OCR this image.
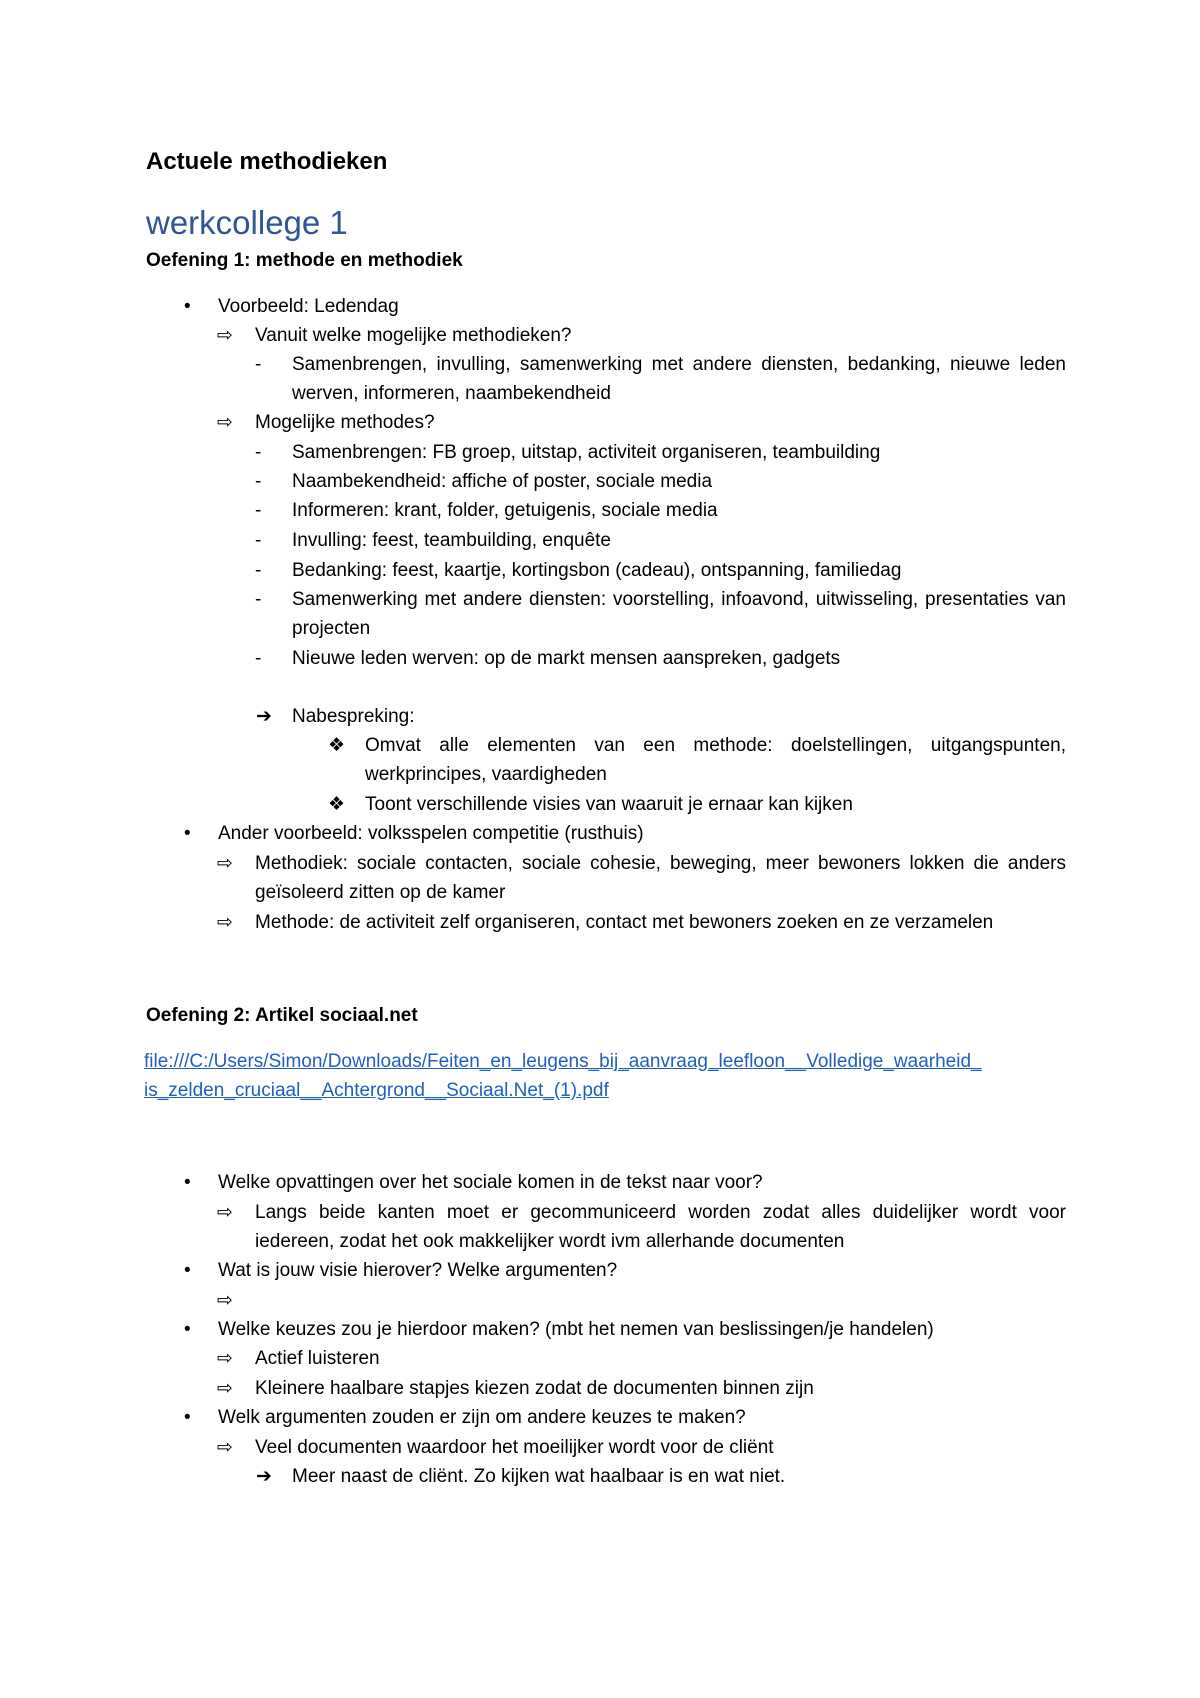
Actuele methodieken
werkcollege 1
Oefening 1: methode en methodiek
• Voorbeeld: Ledendag
⇨ Vanuit welke mogelijke methodieken?
- Samenbrengen, invulling, samenwerking met andere diensten, bedanking, nieuwe leden werven, informeren, naambekendheid
⇨ Mogelijke methodes?
- Samenbrengen: FB groep, uitstap, activiteit organiseren, teambuilding
- Naambekendheid: affiche of poster, sociale media
- Informeren: krant, folder, getuigenis, sociale media
- Invulling: feest, teambuilding, enquête
- Bedanking: feest, kaartje, kortingsbon (cadeau), ontspanning, familiedag
- Samenwerking met andere diensten: voorstelling, infoavond, uitwisseling, presentaties van projecten
- Nieuwe leden werven: op de markt mensen aanspreken, gadgets
➔ Nabespreking:
❖ Omvat alle elementen van een methode: doelstellingen, uitgangspunten, werkprincipes, vaardigheden
❖ Toont verschillende visies van waaruit je ernaar kan kijken
• Ander voorbeeld: volksspelen competitie (rusthuis)
⇨ Methodiek: sociale contacten, sociale cohesie, beweging, meer bewoners lokken die anders geïsoleerd zitten op de kamer
⇨ Methode: de activiteit zelf organiseren, contact met bewoners zoeken en ze verzamelen
Oefening 2: Artikel sociaal.net
file:///C:/Users/Simon/Downloads/Feiten_en_leugens_bij_aanvraag_leefloon__Volledige_waarheid_
is_zelden_cruciaal__Achtergrond__Sociaal.Net_(1).pdf
• Welke opvattingen over het sociale komen in de tekst naar voor?
⇨ Langs beide kanten moet er gecommuniceerd worden zodat alles duidelijker wordt voor iedereen, zodat het ook makkelijker wordt ivm allerhande documenten
• Wat is jouw visie hierover? Welke argumenten?
⇨
• Welke keuzes zou je hierdoor maken? (mbt het nemen van beslissingen/je handelen)
⇨ Actief luisteren
⇨ Kleinere haalbare stapjes kiezen zodat de documenten binnen zijn
• Welk argumenten zouden er zijn om andere keuzes te maken?
⇨ Veel documenten waardoor het moeilijker wordt voor de cliënt
➔ Meer naast de cliënt. Zo kijken wat haalbaar is en wat niet.
